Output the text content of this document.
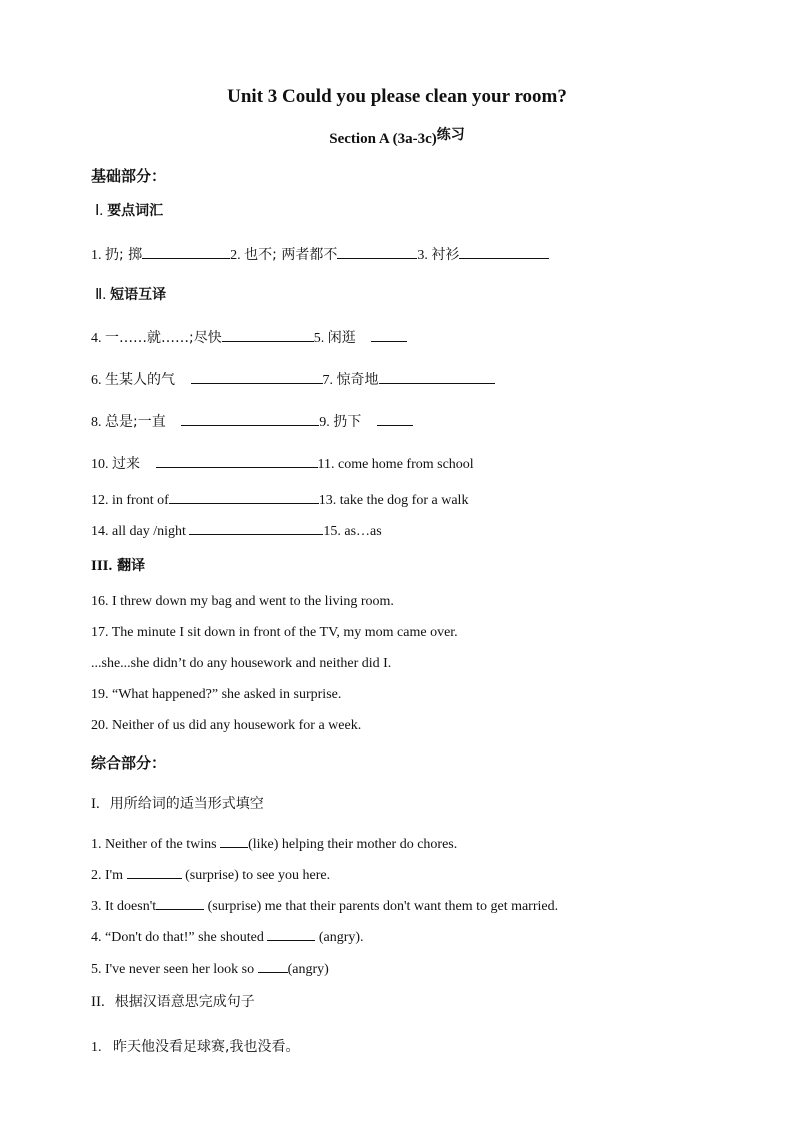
Unit 3 Could you please clean your room?
Section A (3a-3c)练习
基础部分：
Ⅰ. 要点词汇
1. 扔; 掷	2. 也不; 两者都不	3. 衬衫
Ⅱ. 短语互译
4. 一……就……;尽快	5. 闲逛
6. 生某人的气	7. 惊奇地
8. 总是;一直	9. 扔下
10. 过来	11. come home from school
12. in front of	13. take the dog for a walk
14. all day /night	15. as…as
III. 翻译
16. I threw down my bag and went to the living room.
17. The minute I sit down in front of the TV, my mom came over.
...she...she didn’t do any housework and neither did I.
19. “What happened?” she asked in surprise.
20. Neither of us did any housework for a week.
综合部分：
I. 用所给词的适当形式填空
1. Neither of the twins (like) helping their mother do chores.
2. I'm	(surprise) to see you here.
3. It doesn't	(surprise) me that their parents don't want them to get married.
4. “Don't do that!” she shouted	(angry).
5. I've never seen her look so (angry)
II. 根据汉语意思完成句子
1. 昨天他没看足球赛,我也没看。
